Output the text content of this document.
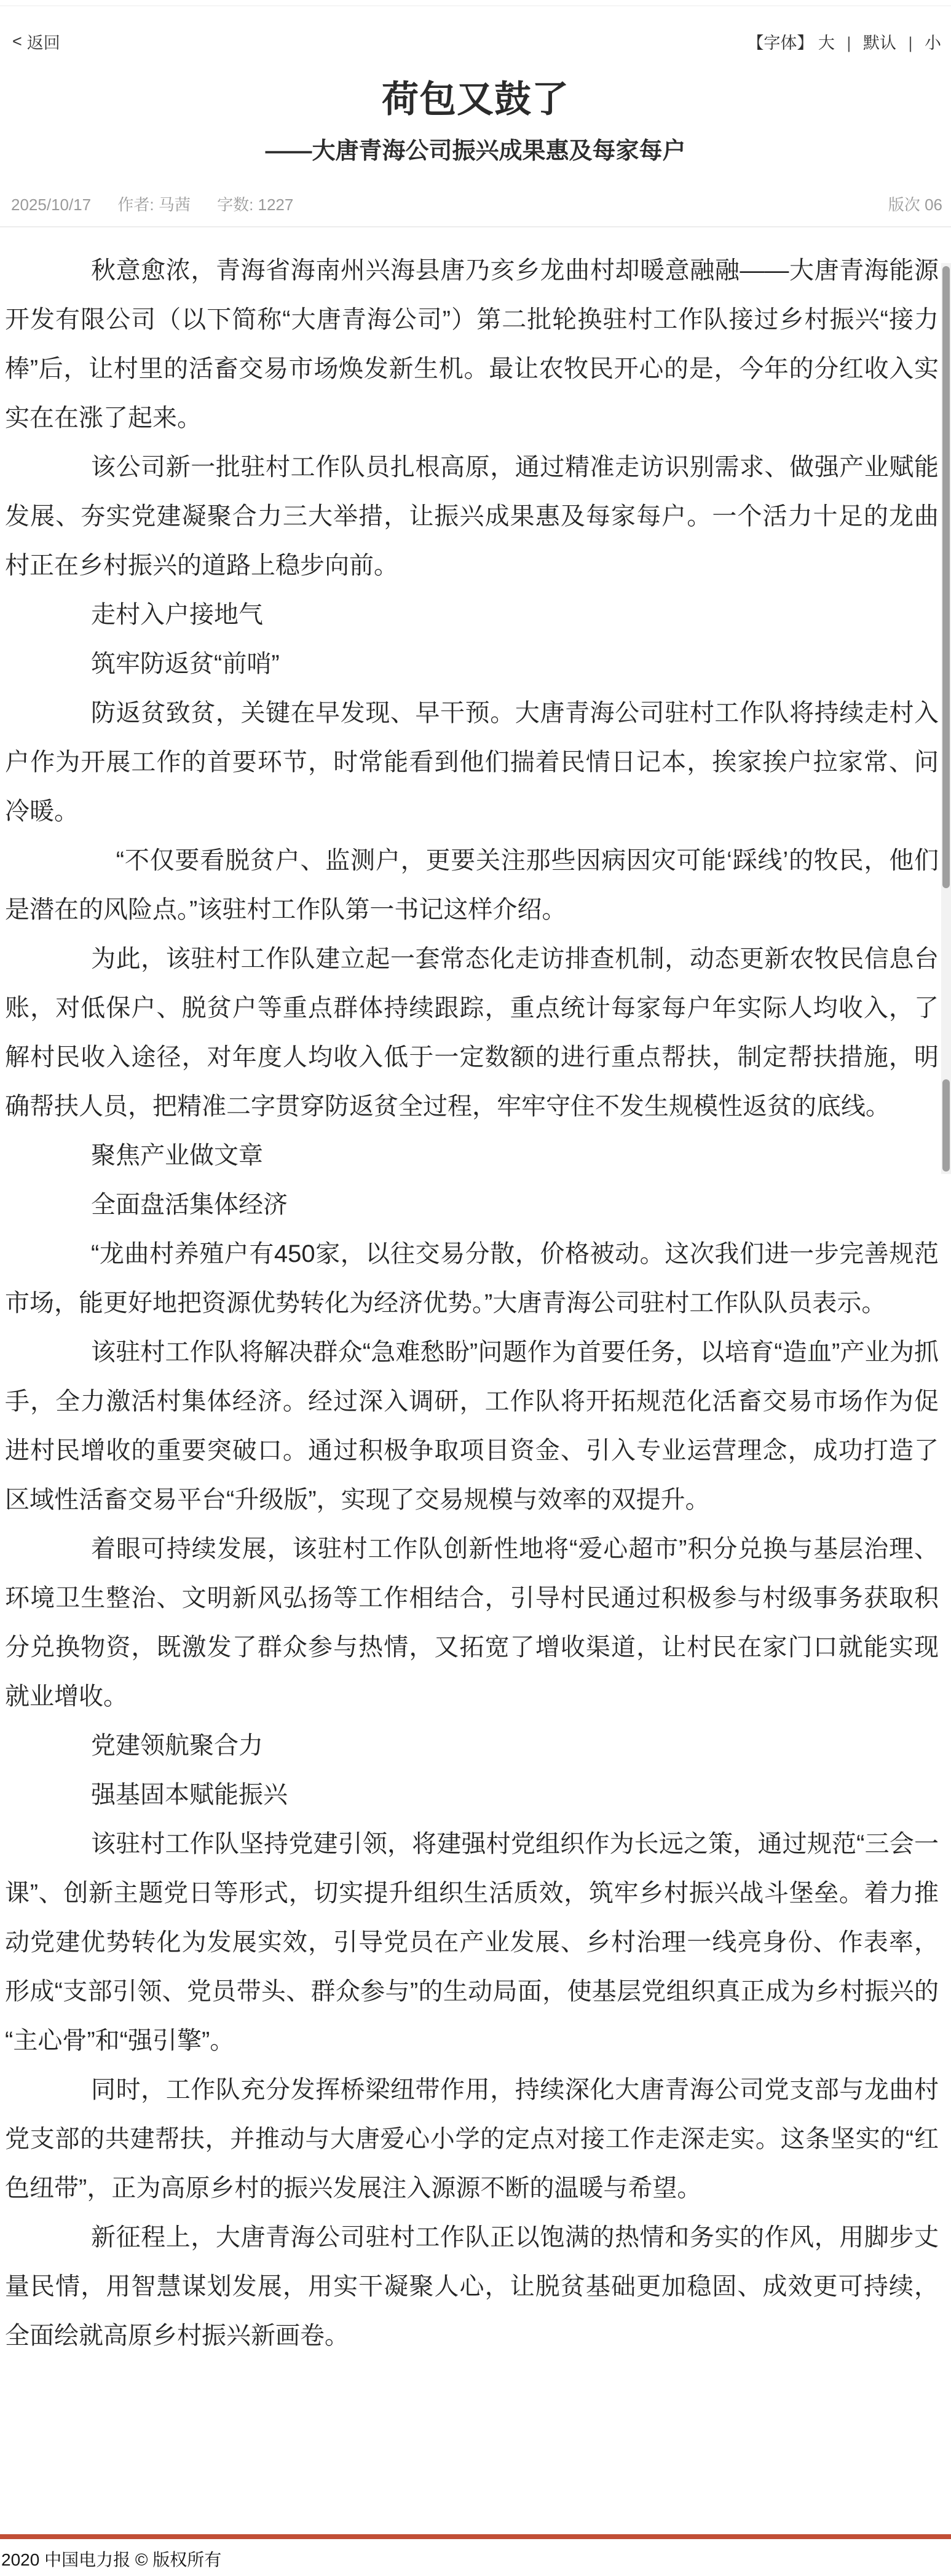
< 返回	【字体】 大 | 默认 | 小
荷包又鼓了
——大唐青海公司振兴成果惠及每家每户
2025/10/17 作者: 马茜 字数: 1227	版次 06

秋意愈浓，青海省海南州兴海县唐乃亥乡龙曲村却暖意融融——大唐青海能源开发有限公司（以下简称“大唐青海公司”）第二批轮换驻村工作队接过乡村振兴“接力棒”后，让村里的活畜交易市场焕发新生机。最让农牧民开心的是，今年的分红收入实实在在涨了起来。

该公司新一批驻村工作队员扎根高原，通过精准走访识别需求、做强产业赋能发展、夯实党建凝聚合力三大举措，让振兴成果惠及每家每户。一个活力十足的龙曲村正在乡村振兴的道路上稳步向前。

走村入户接地气

筑牢防返贫“前哨”

防返贫致贫，关键在早发现、早干预。大唐青海公司驻村工作队将持续走村入户作为开展工作的首要环节，时常能看到他们揣着民情日记本，挨家挨户拉家常、问冷暖。

　“不仅要看脱贫户、监测户，更要关注那些因病因灾可能‘踩线’的牧民，他们是潜在的风险点。”该驻村工作队第一书记这样介绍。

为此，该驻村工作队建立起一套常态化走访排查机制，动态更新农牧民信息台账，对低保户、脱贫户等重点群体持续跟踪，重点统计每家每户年实际人均收入，了解村民收入途径，对年度人均收入低于一定数额的进行重点帮扶，制定帮扶措施，明确帮扶人员，把精准二字贯穿防返贫全过程，牢牢守住不发生规模性返贫的底线。

聚焦产业做文章

全面盘活集体经济

“龙曲村养殖户有450家，以往交易分散，价格被动。这次我们进一步完善规范市场，能更好地把资源优势转化为经济优势。”大唐青海公司驻村工作队队员表示。

该驻村工作队将解决群众“急难愁盼”问题作为首要任务，以培育“造血”产业为抓手，全力激活村集体经济。经过深入调研，工作队将开拓规范化活畜交易市场作为促进村民增收的重要突破口。通过积极争取项目资金、引入专业运营理念，成功打造了区域性活畜交易平台“升级版”，实现了交易规模与效率的双提升。

着眼可持续发展，该驻村工作队创新性地将“爱心超市”积分兑换与基层治理、环境卫生整治、文明新风弘扬等工作相结合，引导村民通过积极参与村级事务获取积分兑换物资，既激发了群众参与热情，又拓宽了增收渠道，让村民在家门口就能实现就业增收。

党建领航聚合力

强基固本赋能振兴

该驻村工作队坚持党建引领，将建强村党组织作为长远之策，通过规范“三会一课”、创新主题党日等形式，切实提升组织生活质效，筑牢乡村振兴战斗堡垒。着力推动党建优势转化为发展实效，引导党员在产业发展、乡村治理一线亮身份、作表率，形成“支部引领、党员带头、群众参与”的生动局面，使基层党组织真正成为乡村振兴的“主心骨”和“强引擎”。

同时，工作队充分发挥桥梁纽带作用，持续深化大唐青海公司党支部与龙曲村党支部的共建帮扶，并推动与大唐爱心小学的定点对接工作走深走实。这条坚实的“红色纽带”，正为高原乡村的振兴发展注入源源不断的温暖与希望。

新征程上，大唐青海公司驻村工作队正以饱满的热情和务实的作风，用脚步丈量民情，用智慧谋划发展，用实干凝聚人心，让脱贫基础更加稳固、成效更可持续，全面绘就高原乡村振兴新画卷。

2020 中国电力报 © 版权所有
